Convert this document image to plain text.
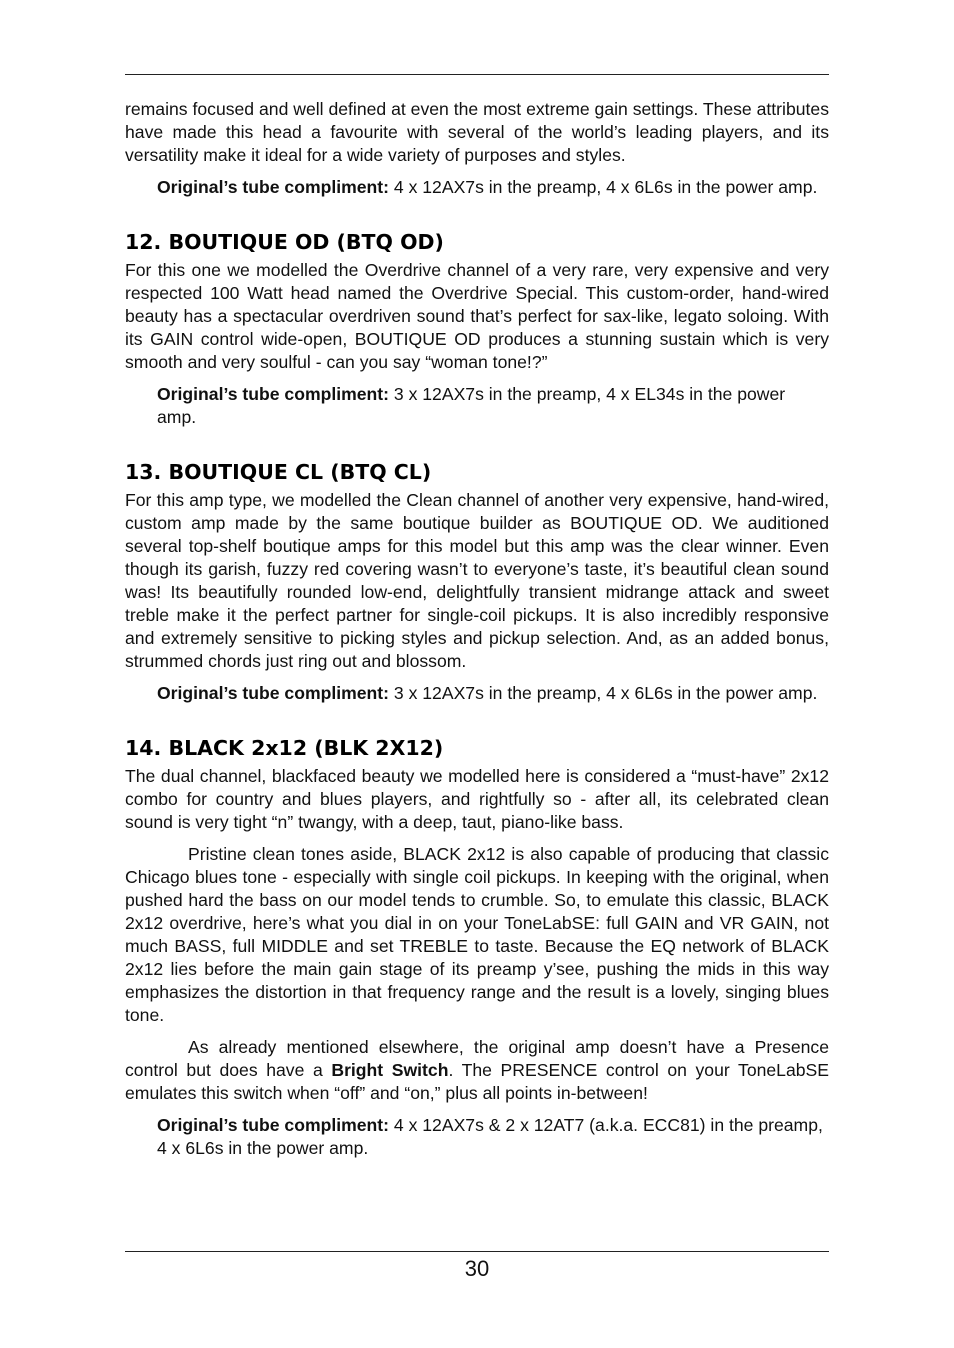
remains focused and well defined at even the most extreme gain settings. These attributes have made this head a favourite with several of the world’s leading players, and its versatility make it ideal for a wide variety of purposes and styles.

Original’s tube compliment: 4 x 12AX7s in the preamp, 4 x 6L6s in the power amp.

12. BOUTIQUE OD (BTQ OD)

For this one we modelled the Overdrive channel of a very rare, very expensive and very respected 100 Watt head named the Overdrive Special. This custom-order, hand-wired beauty has a spectacular overdriven sound that’s perfect for sax-like, legato soloing. With its GAIN control wide-open, BOUTIQUE OD produces a stunning sustain which is very smooth and very soulful - can you say “woman tone!?”

Original’s tube compliment: 3 x 12AX7s in the preamp, 4 x EL34s in the power amp.

13. BOUTIQUE CL (BTQ CL)

For this amp type, we modelled the Clean channel of another very expensive, hand-wired, custom amp made by the same boutique builder as BOUTIQUE OD. We auditioned several top-shelf boutique amps for this model but this amp was the clear winner. Even though its garish, fuzzy red covering wasn’t to everyone’s taste, it’s beautiful clean sound was! Its beautifully rounded low-end, delightfully transient midrange attack and sweet treble make it the perfect partner for single-coil pickups. It is also incredibly responsive and extremely sensitive to picking styles and pickup selection. And, as an added bonus, strummed chords just ring out and blossom.

Original’s tube compliment: 3 x 12AX7s in the preamp, 4 x 6L6s in the power amp.

14. BLACK 2x12 (BLK 2X12)

The dual channel, blackfaced beauty we modelled here is considered a “must-have” 2x12 combo for country and blues players, and rightfully so - after all, its celebrated clean sound is very tight “n” twangy, with a deep, taut, piano-like bass.

Pristine clean tones aside, BLACK 2x12 is also capable of producing that classic Chicago blues tone - especially with single coil pickups. In keeping with the original, when pushed hard the bass on our model tends to crumble. So, to emulate this classic, BLACK 2x12 overdrive, here’s what you dial in on your ToneLabSE: full GAIN and VR GAIN, not much BASS, full MIDDLE and set TREBLE to taste. Because the EQ network of BLACK 2x12 lies before the main gain stage of its preamp y’see, pushing the mids in this way emphasizes the distortion in that frequency range and the result is a lovely, singing blues tone.

As already mentioned elsewhere, the original amp doesn’t have a Presence control but does have a Bright Switch. The PRESENCE control on your ToneLabSE emulates this switch when “off” and “on,” plus all points in-between!

Original’s tube compliment: 4 x 12AX7s & 2 x 12AT7 (a.k.a. ECC81) in the preamp, 4 x 6L6s in the power amp.

30
